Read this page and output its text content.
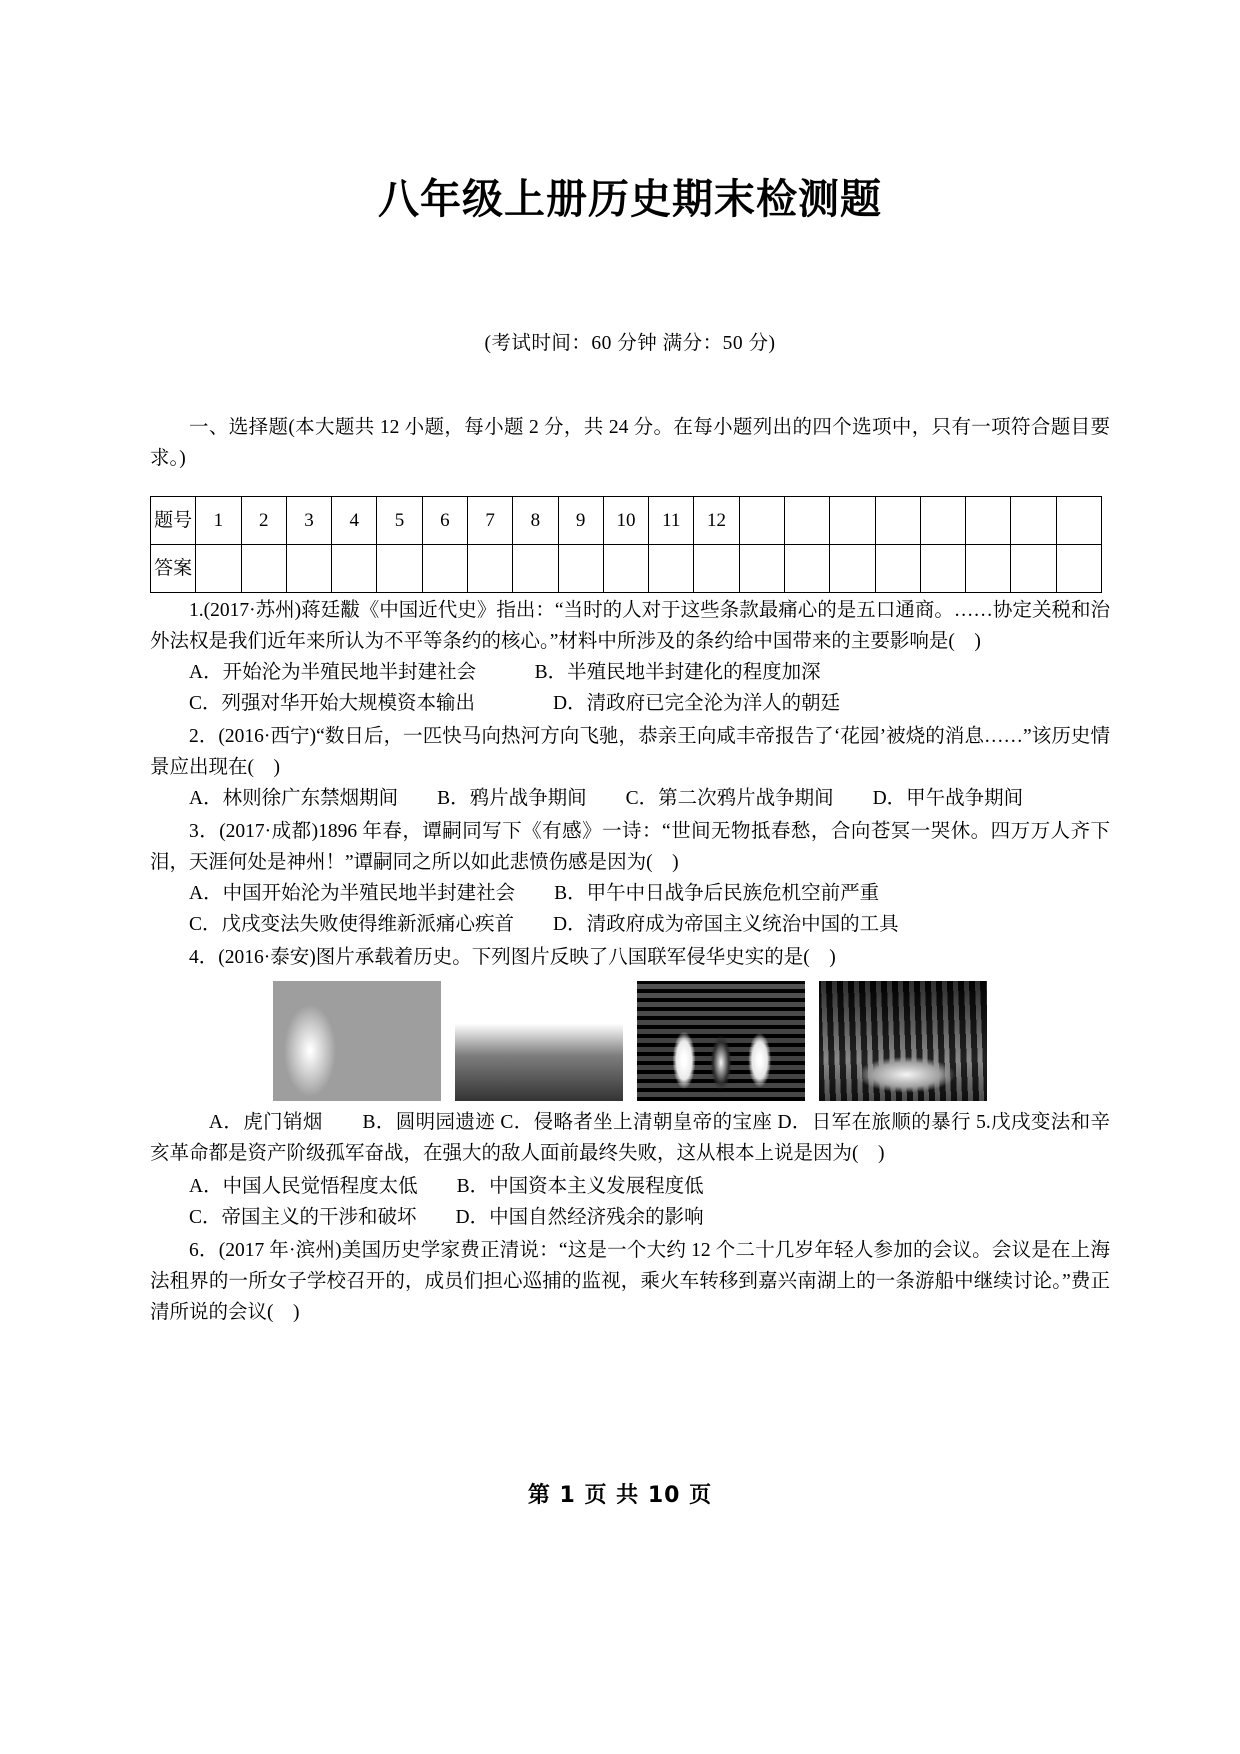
八年级上册历史期末检测题

(考试时间：60 分钟 满分：50 分)

一、选择题(本大题共 12 小题，每小题 2 分，共 24 分。在每小题列出的四个选项中，只有一项符合题目要求。)

题号	1	2	3	4	5	6	7	8	9	10	11	12								
答案																				

1.(2017·苏州)蒋廷黻《中国近代史》指出：“当时的人对于这些条款最痛心的是五口通商。……协定关税和治外法权是我们近年来所认为不平等条约的核心。”材料中所涉及的条约给中国带来的主要影响是(　)

A．开始沦为半殖民地半封建社会　　　B．半殖民地半封建化的程度加深

C．列强对华开始大规模资本输出　　　　D．清政府已完全沦为洋人的朝廷

2．(2016·西宁)“数日后，一匹快马向热河方向飞驰，恭亲王向咸丰帝报告了‘花园’被烧的消息……”该历史情景应出现在(　)

A．林则徐广东禁烟期间　　B．鸦片战争期间　　C．第二次鸦片战争期间　　D．甲午战争期间

3．(2017·成都)1896 年春，谭嗣同写下《有感》一诗：“世间无物抵春愁，合向苍冥一哭休。四万万人齐下泪，天涯何处是神州！”谭嗣同之所以如此悲愤伤感是因为(　)

A．中国开始沦为半殖民地半封建社会　　B．甲午中日战争后民族危机空前严重

C．戊戌变法失败使得维新派痛心疾首　　D．清政府成为帝国主义统治中国的工具

4．(2016·泰安)图片承载着历史。下列图片反映了八国联军侵华史实的是(　)

　A．虎门销烟　　B．圆明园遗迹 C．侵略者坐上清朝皇帝的宝座 D．日军在旅顺的暴行 5.戊戌变法和辛亥革命都是资产阶级孤军奋战，在强大的敌人面前最终失败，这从根本上说是因为(　)

A．中国人民觉悟程度太低　　B．中国资本主义发展程度低

C．帝国主义的干涉和破坏　　D．中国自然经济残余的影响

6．(2017 年·滨州)美国历史学家费正清说：“这是一个大约 12 个二十几岁年轻人参加的会议。会议是在上海法租界的一所女子学校召开的，成员们担心巡捕的监视，乘火车转移到嘉兴南湖上的一条游船中继续讨论。”费正清所说的会议(　)

第 1 页 共 10 页
